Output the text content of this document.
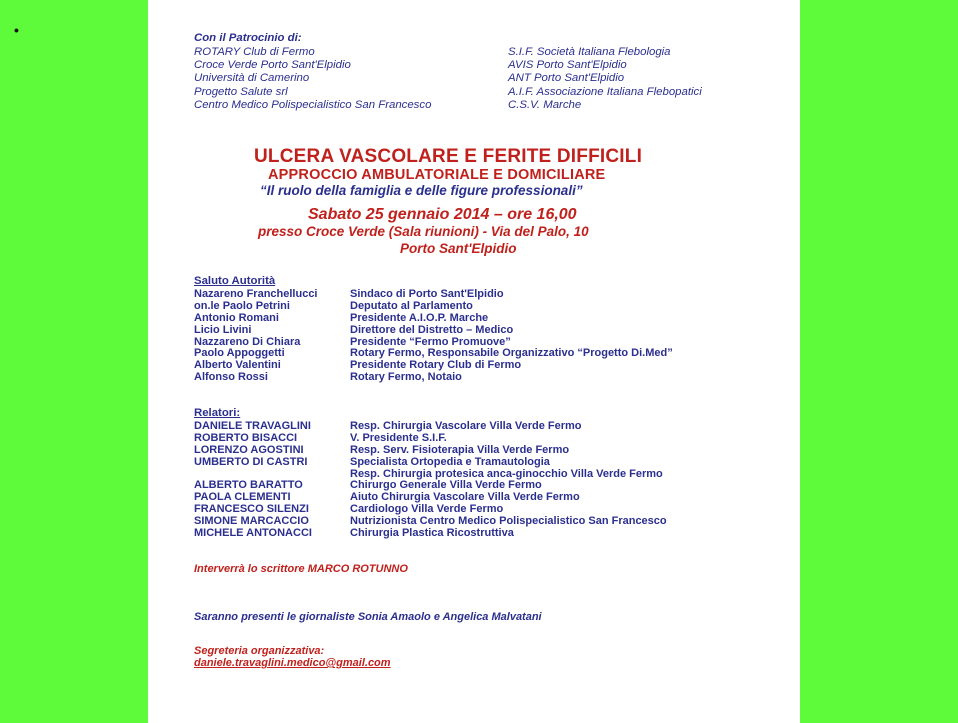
•	Con il Patrocinio di:
ROTARY Club di Fermo
Croce Verde Porto Sant'Elpidio
Università di Camerino
Progetto Salute srl
Centro Medico Polispecialistico San Francesco
S.I.F. Società Italiana Flebologia
AVIS Porto Sant'Elpidio
ANT Porto Sant'Elpidio
A.I.F. Associazione Italiana Flebopatici
C.S.V. Marche
ULCERA VASCOLARE E FERITE DIFFICILI
APPROCCIO AMBULATORIALE E DOMICILIARE
“Il ruolo della famiglia e delle figure professionali”
Sabato 25 gennaio 2014 – ore 16,00
presso Croce Verde (Sala riunioni) - Via del Palo, 10
Porto Sant'Elpidio
Saluto Autorità
Nazareno Franchellucci
on.le Paolo Petrini
Antonio Romani
Licio Livini
Nazzareno Di Chiara
Paolo Appoggetti
Alberto Valentini
Alfonso Rossi
Sindaco di Porto Sant'Elpidio
Deputato al Parlamento
Presidente A.I.O.P. Marche
Direttore del Distretto – Medico
Presidente “Fermo Promuove”
Rotary Fermo, Responsabile Organizzativo “Progetto Di.Med”
Presidente Rotary Club di Fermo
Rotary Fermo, Notaio
Relatori:
DANIELE TRAVAGLINI
ROBERTO BISACCI
LORENZO AGOSTINI
UMBERTO DI CASTRI
ALBERTO BARATTO
PAOLA CLEMENTI
FRANCESCO SILENZI
SIMONE MARCACCIO
MICHELE ANTONACCI
Resp. Chirurgia Vascolare Villa Verde Fermo
V. Presidente S.I.F.
Resp. Serv. Fisioterapia Villa Verde Fermo
Specialista Ortopedia e Tramautologia
Resp. Chirurgia protesica anca-ginocchio Villa Verde Fermo
Chirurgo Generale Villa Verde Fermo
Aiuto Chirurgia Vascolare Villa Verde Fermo
Cardiologo Villa Verde Fermo
Nutrizionista Centro Medico Polispecialistico San Francesco
Chirurgia Plastica Ricostruttiva
Interverrà lo scrittore MARCO ROTUNNO
Saranno presenti le giornaliste Sonia Amaolo e Angelica Malvatani
Segreteria organizzativa:
daniele.travaglini.medico@gmail.com
